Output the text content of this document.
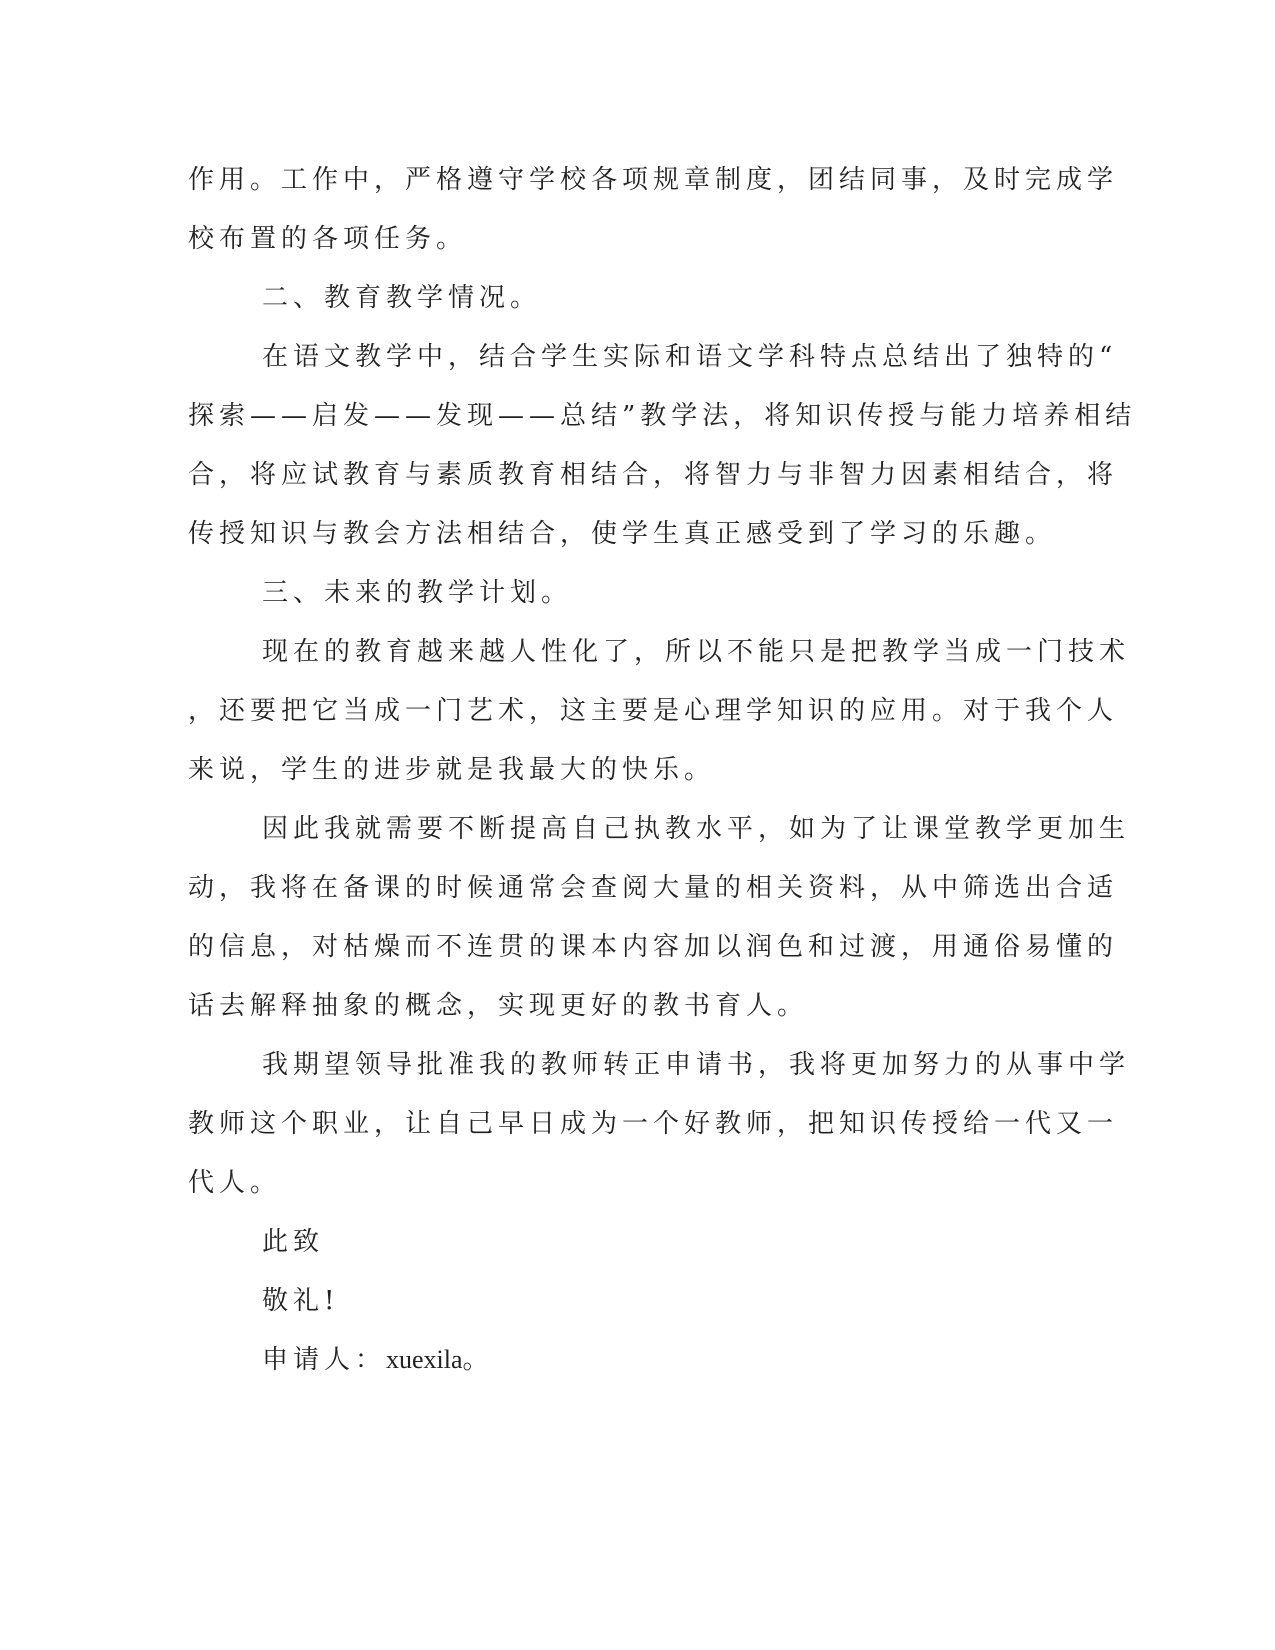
作用。工作中，严格遵守学校各项规章制度，团结同事，及时完成学

校布置的各项任务。

二、教育教学情况。

在语文教学中，结合学生实际和语文学科特点总结出了独特的“

探索——启发——发现——总结”教学法，将知识传授与能力培养相结

合，将应试教育与素质教育相结合，将智力与非智力因素相结合，将

传授知识与教会方法相结合，使学生真正感受到了学习的乐趣。

三、未来的教学计划。

现在的教育越来越人性化了，所以不能只是把教学当成一门技术

，还要把它当成一门艺术，这主要是心理学知识的应用。对于我个人

来说，学生的进步就是我最大的快乐。

因此我就需要不断提高自己执教水平，如为了让课堂教学更加生

动，我将在备课的时候通常会查阅大量的相关资料，从中筛选出合适

的信息，对枯燥而不连贯的课本内容加以润色和过渡，用通俗易懂的

话去解释抽象的概念，实现更好的教书育人。

我期望领导批准我的教师转正申请书，我将更加努力的从事中学

教师这个职业，让自己早日成为一个好教师，把知识传授给一代又一

代人。

此致

敬礼!

申请人：xuexila。
